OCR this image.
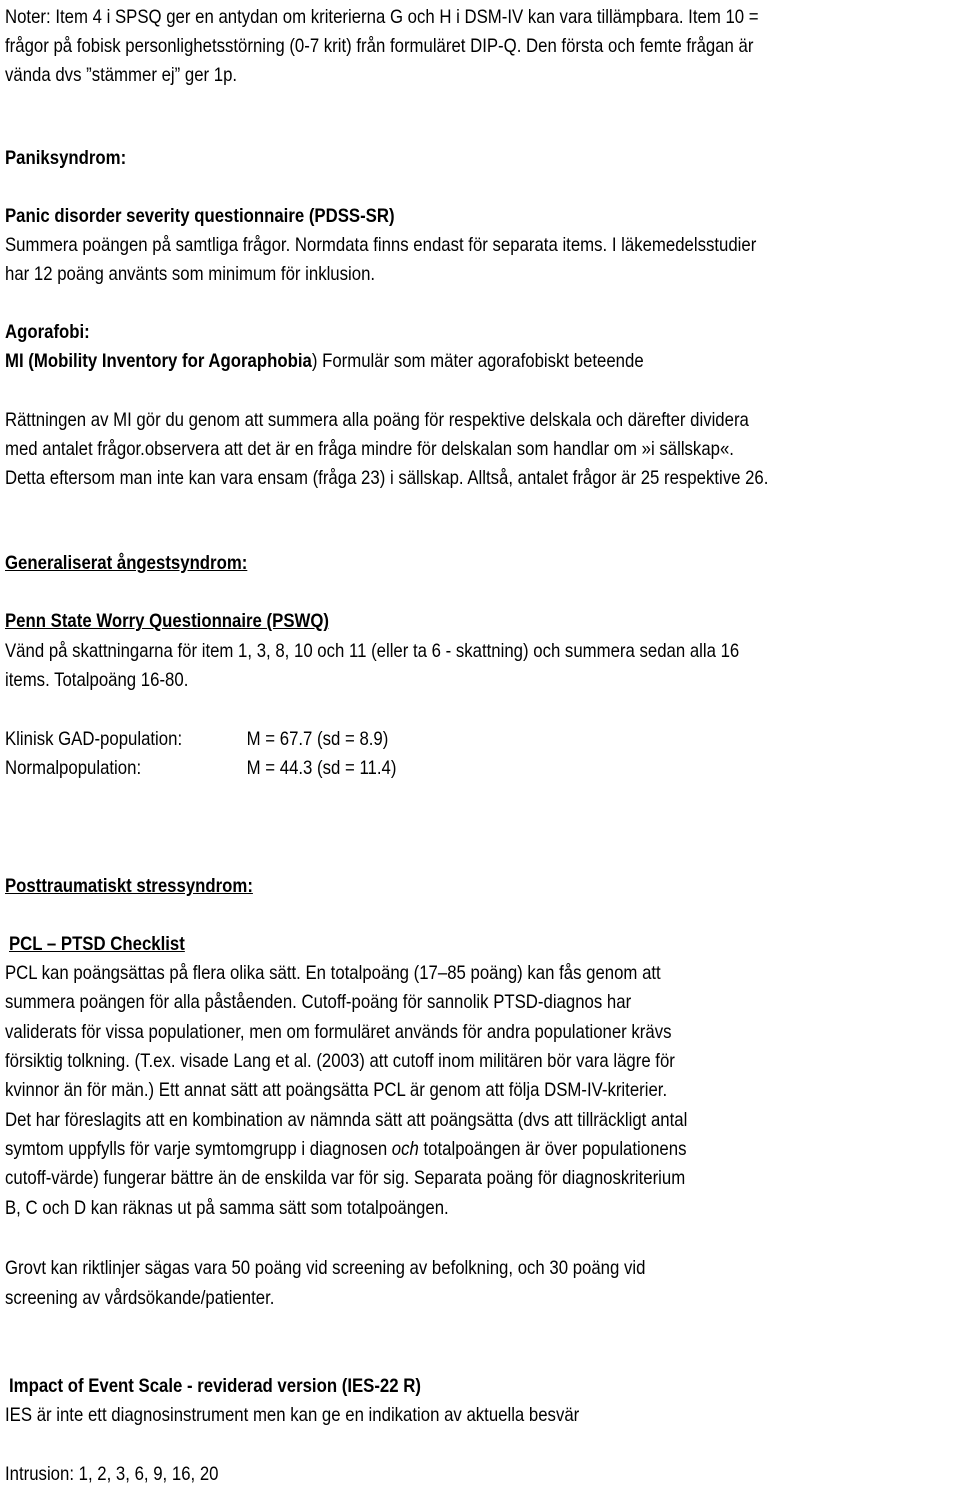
Noter: Item 4 i SPSQ ger en antydan om kriterierna G och H i DSM-IV kan vara tillämpbara. Item 10 =
frågor på fobisk personlighetsstörning (0-7 krit) från formuläret DIP-Q. Den första och femte frågan är
vända dvs ”stämmer ej” ger 1p.
Paniksyndrom:
Panic disorder severity questionnaire (PDSS-SR)
Summera poängen på samtliga frågor. Normdata finns endast för separata items. I läkemedelsstudier
har 12 poäng använts som minimum för inklusion.
Agorafobi:
MI (Mobility Inventory for Agoraphobia) Formulär som mäter agorafobiskt beteende
Rättningen av MI gör du genom att summera alla poäng för respektive delskala och därefter dividera
med antalet frågor.observera att det är en fråga mindre för delskalan som handlar om »i sällskap«.
Detta eftersom man inte kan vara ensam (fråga 23) i sällskap. Alltså, antalet frågor är 25 respektive 26.
Generaliserat ångestsyndrom:
Penn State Worry Questionnaire (PSWQ)
Vänd på skattningarna för item 1, 3, 8, 10 och 11 (eller ta 6 - skattning) och summera sedan alla 16
items. Totalpoäng 16-80.
Klinisk GAD-population:	M = 67.7 (sd = 8.9)
Normalpopulation:	M = 44.3 (sd = 11.4)
Posttraumatiskt stressyndrom:
PCL – PTSD Checklist
PCL kan poängsättas på flera olika sätt. En totalpoäng (17–85 poäng) kan fås genom att
summera poängen för alla påståenden. Cutoff-poäng för sannolik PTSD-diagnos har
validerats för vissa populationer, men om formuläret används för andra populationer krävs
försiktig tolkning. (T.ex. visade Lang et al. (2003) att cutoff inom militären bör vara lägre för
kvinnor än för män.) Ett annat sätt att poängsätta PCL är genom att följa DSM-IV-kriterier.
Det har föreslagits att en kombination av nämnda sätt att poängsätta (dvs att tillräckligt antal
symtom uppfylls för varje symtomgrupp i diagnosen och totalpoängen är över populationens
cutoff-värde) fungerar bättre än de enskilda var för sig. Separata poäng för diagnoskriterium
B, C och D kan räknas ut på samma sätt som totalpoängen.
Grovt kan riktlinjer sägas vara 50 poäng vid screening av befolkning, och 30 poäng vid
screening av vårdsökande/patienter.
Impact of Event Scale - reviderad version (IES-22 R)
IES är inte ett diagnosinstrument men kan ge en indikation av aktuella besvär
Intrusion: 1, 2, 3, 6, 9, 16, 20
